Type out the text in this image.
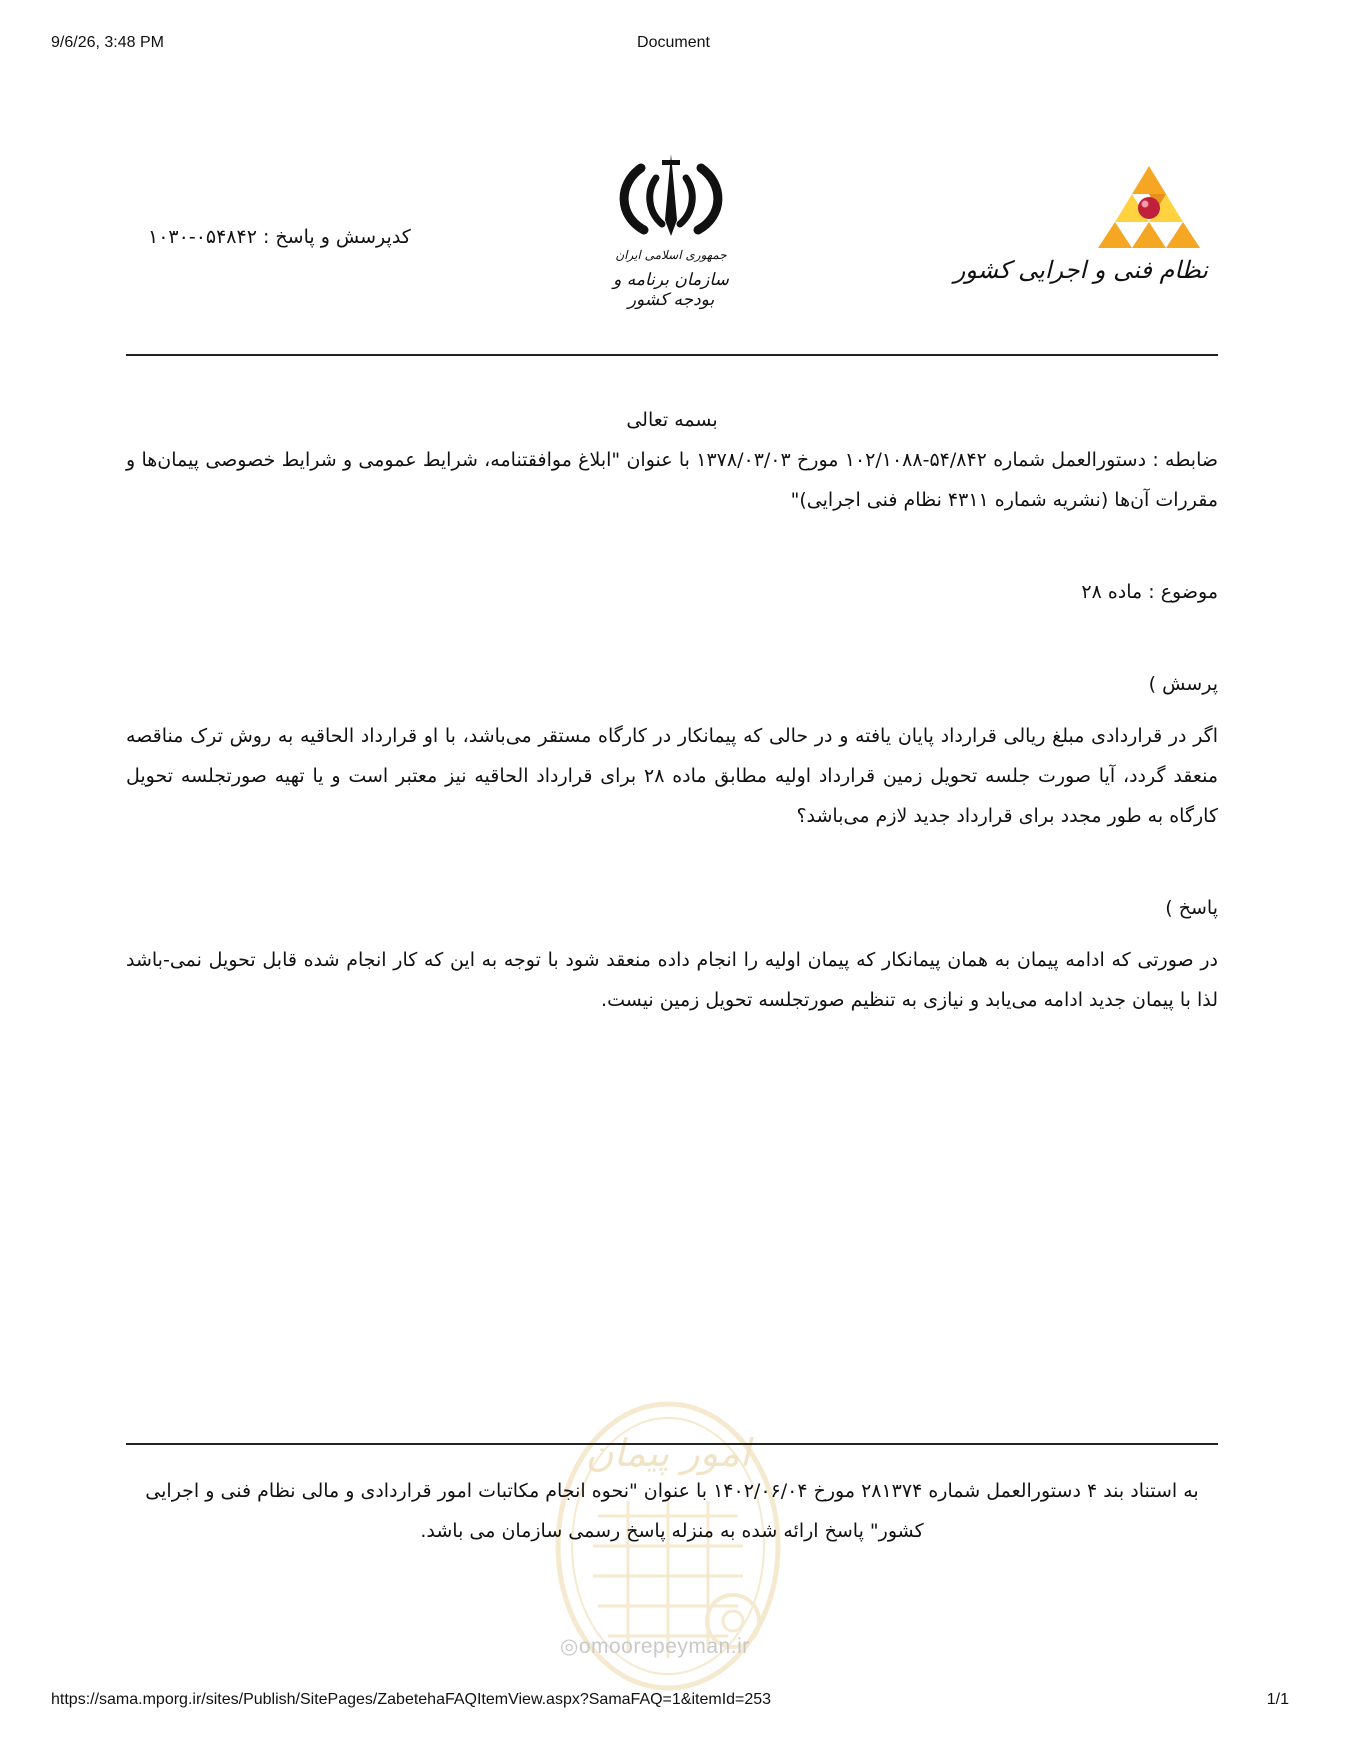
9/6/26, 3:48 PM	Document
نظام فنی و اجرایی کشور
جمهوری اسلامی ایران
سازمان برنامه و بودجه کشور
کدپرسش و پاسخ : ۰۵۴۸۴۲-۱۰۳۰

بسمه تعالی

ضابطه : دستورالعمل شماره ۵۴/۸۴۲-۱۰۲/۱۰۸۸ مورخ ۱۳۷۸/۰۳/۰۳ با عنوان "ابلاغ موافقتنامه، شرایط عمومی و شرایط خصوصی پیمان‌ها و مقررات آن‌ها (نشریه شماره ۴۳۱۱ نظام فنی اجرایی)"

موضوع : ماده ۲۸

پرسش )

اگر در قراردادی مبلغ ریالی قرارداد پایان یافته و در حالی که پیمانکار در کارگاه مستقر می‌باشد، با او قرارداد الحاقیه به روش ترک مناقصه منعقد گردد، آیا صورت جلسه تحویل زمین قرارداد اولیه مطابق ماده ۲۸ برای قرارداد الحاقیه نیز معتبر است و یا تهیه صورتجلسه تحویل کارگاه به طور مجدد برای قرارداد جدید لازم می‌باشد؟

پاسخ )

در صورتی که ادامه پیمان به همان پیمانکار که پیمان اولیه را انجام داده منعقد شود با توجه به این که کار انجام شده قابل تحویل نمی‌-باشد لذا با پیمان جدید ادامه می‌یابد و نیازی به تنظیم صورتجلسه تحویل زمین نیست.

امور پیمان
◎omoorepeyman.ir
به استناد بند ۴ دستورالعمل شماره ۲۸۱۳۷۴ مورخ ۱۴۰۲/۰۶/۰۴ با عنوان "نحوه انجام مکاتبات امور قراردادی و مالی نظام فنی و اجرایی کشور" پاسخ ارائه شده به منزله پاسخ رسمی سازمان می باشد.
https://sama.mporg.ir/sites/Publish/SitePages/ZabetehaFAQItemView.aspx?SamaFAQ=1&itemId=253	1/1
